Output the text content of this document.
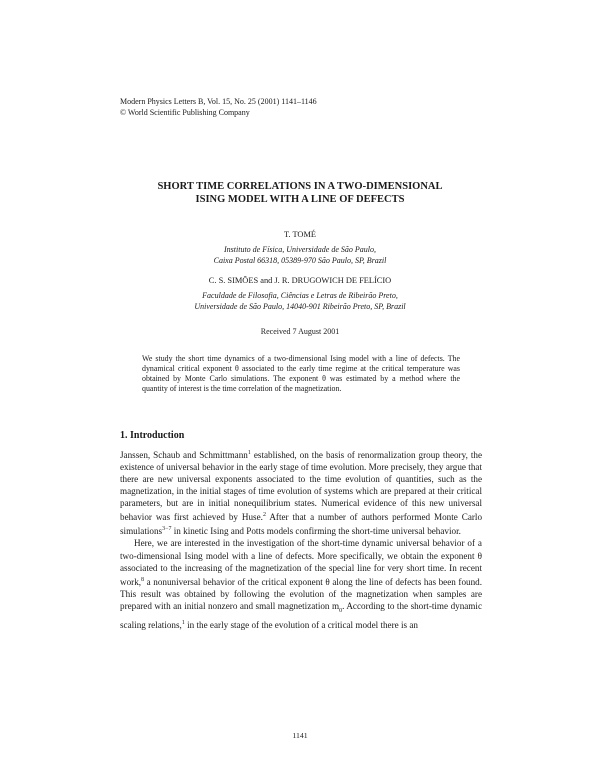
Modern Physics Letters B, Vol. 15, No. 25 (2001) 1141–1146
© World Scientific Publishing Company
SHORT TIME CORRELATIONS IN A TWO-DIMENSIONAL
ISING MODEL WITH A LINE OF DEFECTS
T. TOMÉ
Instituto de Física, Universidade de São Paulo,
Caixa Postal 66318, 05389-970 São Paulo, SP, Brazil
C. S. SIMÕES and J. R. DRUGOWICH DE FELÍCIO
Faculdade de Filosofia, Ciências e Letras de Ribeirão Preto,
Universidade de São Paulo, 14040-901 Ribeirão Preto, SP, Brazil
Received 7 August 2001
We study the short time dynamics of a two-dimensional Ising model with a line of defects. The dynamical critical exponent θ associated to the early time regime at the critical temperature was obtained by Monte Carlo simulations. The exponent θ was estimated by a method where the quantity of interest is the time correlation of the magnetization.
1. Introduction

Janssen, Schaub and Schmittmann$^1$ established, on the basis of renormalization group theory, the existence of universal behavior in the early stage of time evolution. More precisely, they argue that there are new universal exponents associated to the time evolution of quantities, such as the magnetization, in the initial stages of time evolution of systems which are prepared at their critical parameters, but are in initial nonequilibrium states. Numerical evidence of this new universal behavior was first achieved by Huse.$^2$ After that a number of authors performed Monte Carlo simulations$^{3-7}$ in kinetic Ising and Potts models confirming the short-time universal behavior.

Here, we are interested in the investigation of the short-time dynamic universal behavior of a two-dimensional Ising model with a line of defects. More specifically, we obtain the exponent θ associated to the increasing of the magnetization of the special line for very short time. In recent work,$^8$ a nonuniversal behavior of the critical exponent θ along the line of defects has been found. This result was obtained by following the evolution of the magnetization when samples are prepared with an initial nonzero and small magnetization $m_0$. According to the short-time dynamic scaling relations,$^1$ in the early stage of the evolution of a critical model there is an

1141
